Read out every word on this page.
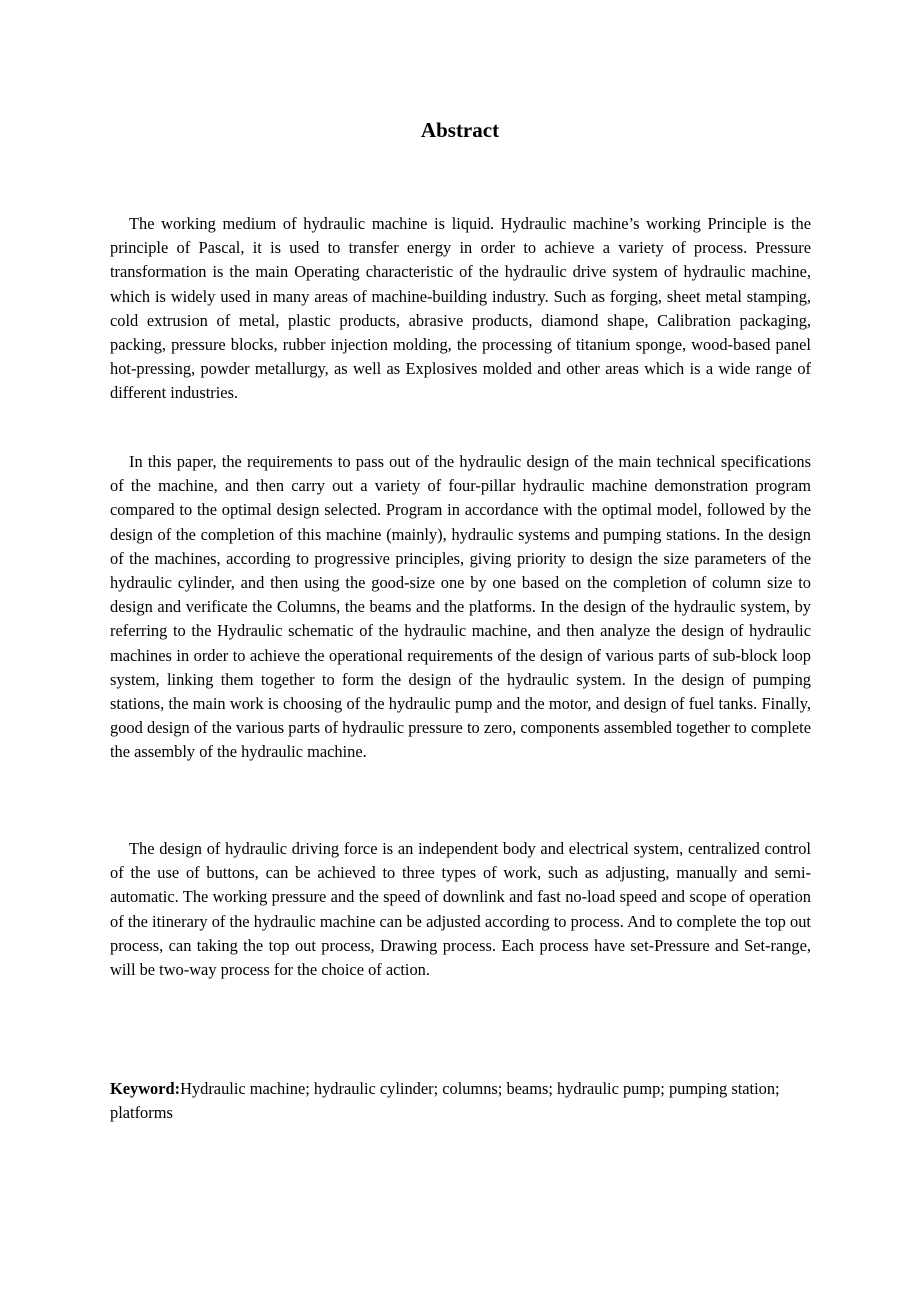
Abstract

The working medium of hydraulic machine is liquid. Hydraulic machine’s working Principle is the principle of Pascal, it is used to transfer energy in order to achieve a variety of process. Pressure transformation is the main Operating characteristic of the hydraulic drive system of hydraulic machine, which is widely used in many areas of machine-building industry. Such as forging, sheet metal stamping, cold extrusion of metal, plastic products, abrasive products, diamond shape, Calibration packaging, packing, pressure blocks, rubber injection molding, the processing of titanium sponge, wood-based panel hot-pressing, powder metallurgy, as well as Explosives molded and other areas which is a wide range of different industries.

In this paper, the requirements to pass out of the hydraulic design of the main technical specifications of the machine, and then carry out a variety of four-pillar hydraulic machine demonstration program compared to the optimal design selected. Program in accordance with the optimal model, followed by the design of the completion of this machine (mainly), hydraulic systems and pumping stations. In the design of the machines, according to progressive principles, giving priority to design the size parameters of the hydraulic cylinder, and then using the good-size one by one based on the completion of column size to design and verificate the Columns, the beams and the platforms. In the design of the hydraulic system, by referring to the Hydraulic schematic of the hydraulic machine, and then analyze the design of hydraulic machines in order to achieve the operational requirements of the design of various parts of sub-block loop system, linking them together to form the design of the hydraulic system. In the design of pumping stations, the main work is choosing of the hydraulic pump and the motor, and design of fuel tanks. Finally, good design of the various parts of hydraulic pressure to zero, components assembled together to complete the assembly of the hydraulic machine.

The design of hydraulic driving force is an independent body and electrical system, centralized control of the use of buttons, can be achieved to three types of work, such as adjusting, manually and semi-automatic. The working pressure and the speed of downlink and fast no-load speed and scope of operation of the itinerary of the hydraulic machine can be adjusted according to process. And to complete the top out process, can taking the top out process, Drawing process. Each process have set-Pressure and Set-range, will be two-way process for the choice of action.

Keyword:Hydraulic machine; hydraulic cylinder; columns; beams; hydraulic pump; pumping station; platforms
